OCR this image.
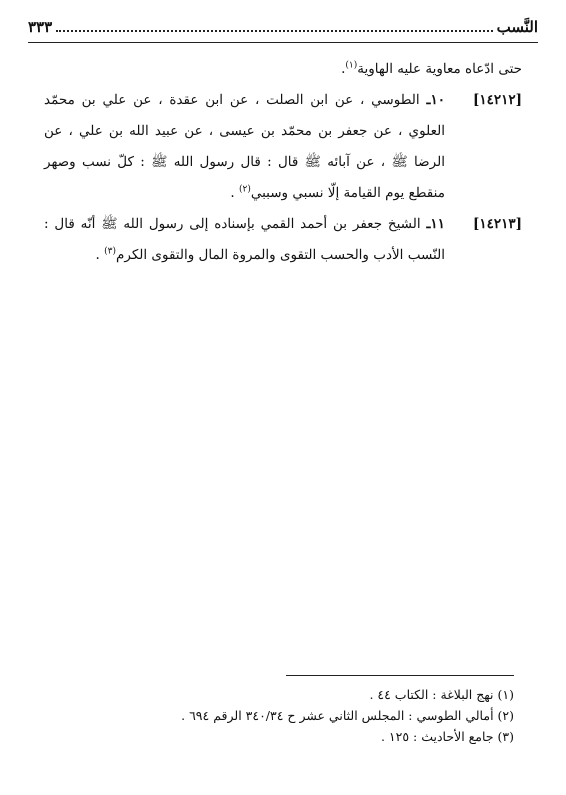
النَّسب
٣٣٣

حتى ادّعاه معاوية عليه الهاوية$^{(١)}$.

[١٤٢١٢]
١٠ـ الطوسي ، عن ابن الصلت ، عن ابن عقدة ، عن علي بن محمّد العلوي ، عن جعفر بن محمّد بن عيسى ، عن عبيد الله بن علي ، عن الرضا ﷺ ، عن آبائه ﷺ قال : قال رسول الله ﷺ : كلّ نسب وصهر منقطع يوم القيامة إلّا نسبي وسببي$^{(٢)}$ .
[١٤٢١٣]
١١ـ الشيخ جعفر بن أحمد القمي بإسناده إلى رسول الله ﷺ أنّه قال : النّسب الأدب والحسب التقوى والمروة المال والتقوى الكرم$^{(٣)}$ .

(١) نهج البلاغة : الكتاب ٤٤ .

(٢) أمالي الطوسي : المجلس الثاني عشر ح ٣٤٠/٣٤ الرقم ٦٩٤ .

(٣) جامع الأحاديث : ١٢٥ .
